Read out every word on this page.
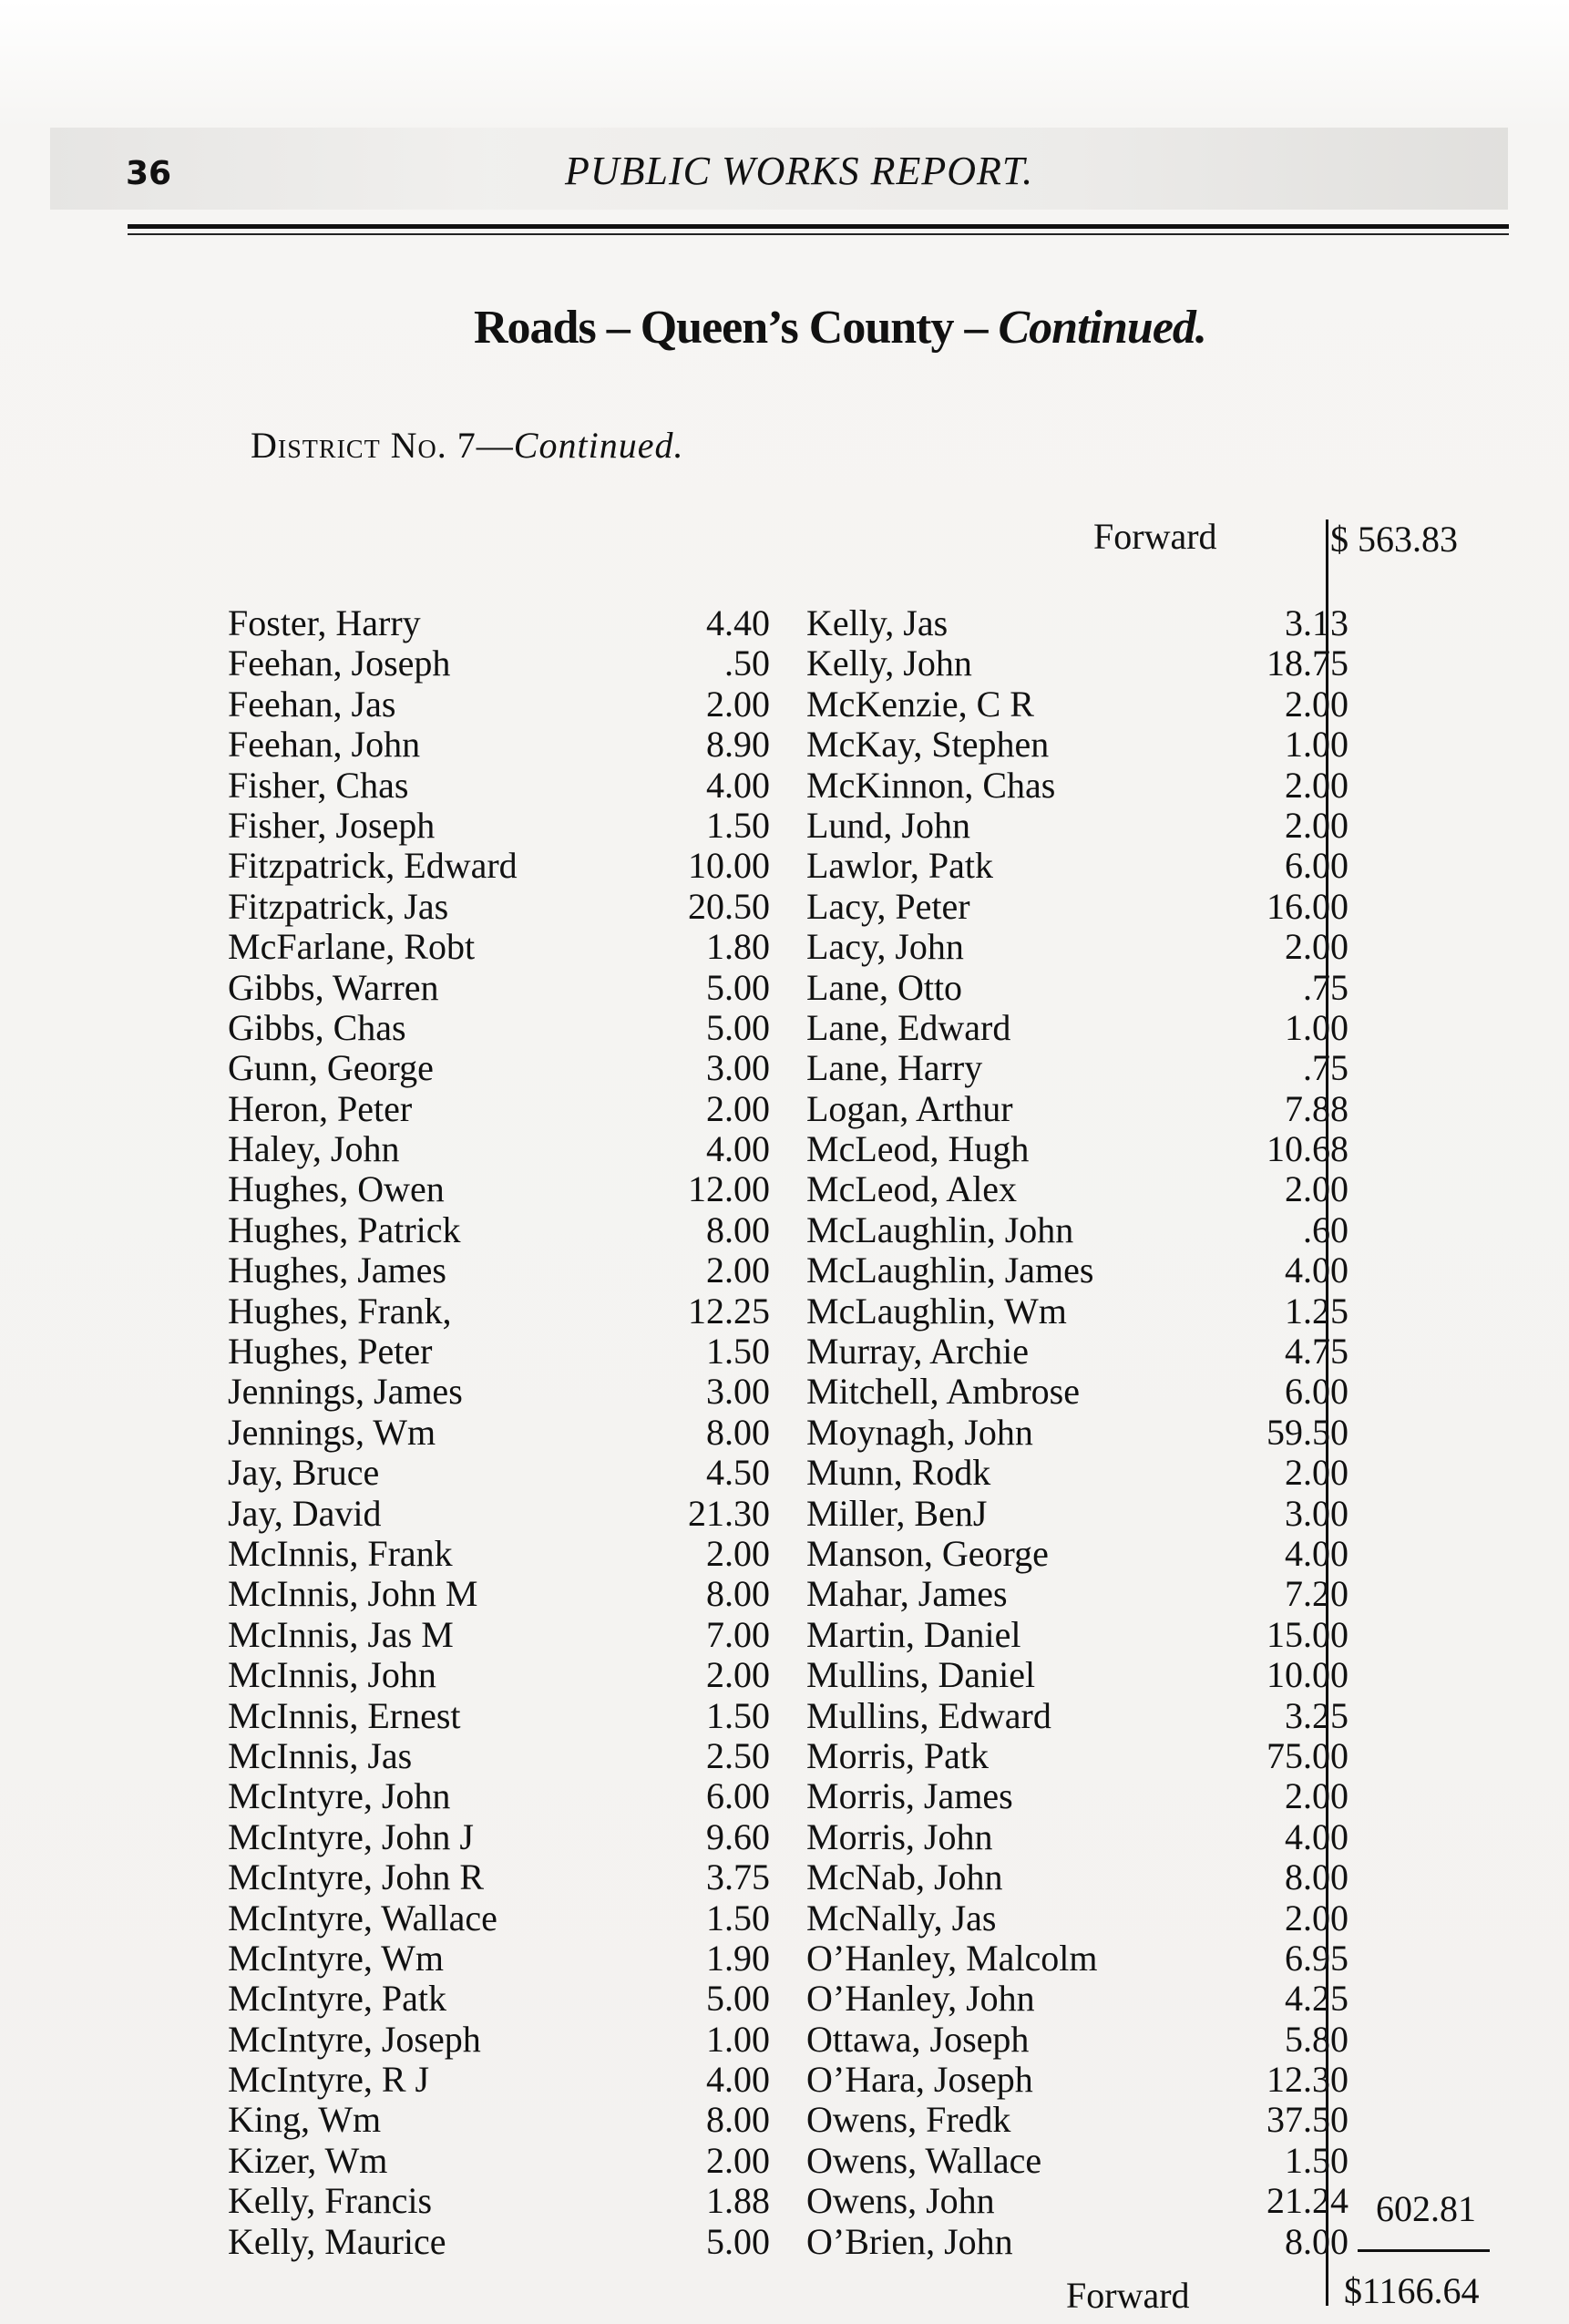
36	PUBLIC WORKS REPORT.
Roads – Queen’s County – Continued.
District No. 7—Continued.
Forward	$ 563.83
Foster, Harry	4.40
Feehan, Joseph	.50
Feehan, Jas	2.00
Feehan, John	8.90
Fisher, Chas	4.00
Fisher, Joseph	1.50
Fitzpatrick, Edward	10.00
Fitzpatrick, Jas	20.50
McFarlane, Robt	1.80
Gibbs, Warren	5.00
Gibbs, Chas	5.00
Gunn, George	3.00
Heron, Peter	2.00
Haley, John	4.00
Hughes, Owen	12.00
Hughes, Patrick	8.00
Hughes, James	2.00
Hughes, Frank,	12.25
Hughes, Peter	1.50
Jennings, James	3.00
Jennings, Wm	8.00
Jay, Bruce	4.50
Jay, David	21.30
McInnis, Frank	2.00
McInnis, John M	8.00
McInnis, Jas M	7.00
McInnis, John	2.00
McInnis, Ernest	1.50
McInnis, Jas	2.50
McIntyre, John	6.00
McIntyre, John J	9.60
McIntyre, John R	3.75
McIntyre, Wallace	1.50
McIntyre, Wm	1.90
McIntyre, Patk	5.00
McIntyre, Joseph	1.00
McIntyre, R J	4.00
King, Wm	8.00
Kizer, Wm	2.00
Kelly, Francis	1.88
Kelly, Maurice	5.00
Kelly, Jas	3.13
Kelly, John	18.75
McKenzie, C R	2.00
McKay, Stephen	1.00
McKinnon, Chas	2.00
Lund, John	2.00
Lawlor, Patk	6.00
Lacy, Peter	16.00
Lacy, John	2.00
Lane, Otto	.75
Lane, Edward	1.00
Lane, Harry	.75
Logan, Arthur	7.88
McLeod, Hugh	10.68
McLeod, Alex	2.00
McLaughlin, John	.60
McLaughlin, James	4.00
McLaughlin, Wm	1.25
Murray, Archie	4.75
Mitchell, Ambrose	6.00
Moynagh, John	59.50
Munn, Rodk	2.00
Miller, BenJ	3.00
Manson, George	4.00
Mahar, James	7.20
Martin, Daniel	15.00
Mullins, Daniel	10.00
Mullins, Edward	3.25
Morris, Patk	75.00
Morris, James	2.00
Morris, John	4.00
McNab, John	8.00
McNally, Jas	2.00
O’Hanley, Malcolm	6.95
O’Hanley, John	4.25
Ottawa, Joseph	5.80
O’Hara, Joseph	12.30
Owens, Fredk	37.50
Owens, Wallace	1.50
Owens, John	21.24
O’Brien, John	8.00
602.81
Forward	$1166.64
